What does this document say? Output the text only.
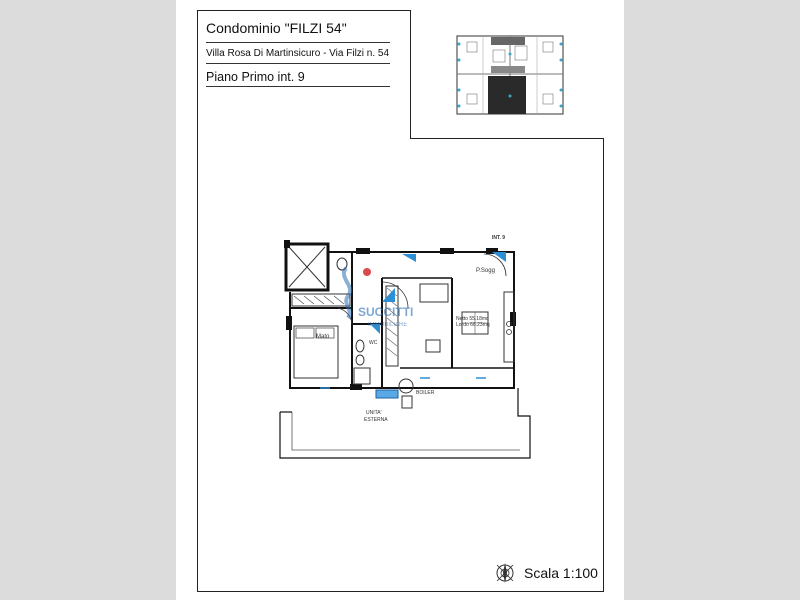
Condominio "FILZI 54"
Villa Rosa Di Martinsicuro - Via Filzi n. 54
Piano Primo int. 9
INT. 9
P.Sogg
Mato
WC
Netto 55.18mq
Lordo 66.23mq
BOILER
UNITA'
ESTERNA
SUCCITTI
IMMOBILIARE
Scala 1:100
